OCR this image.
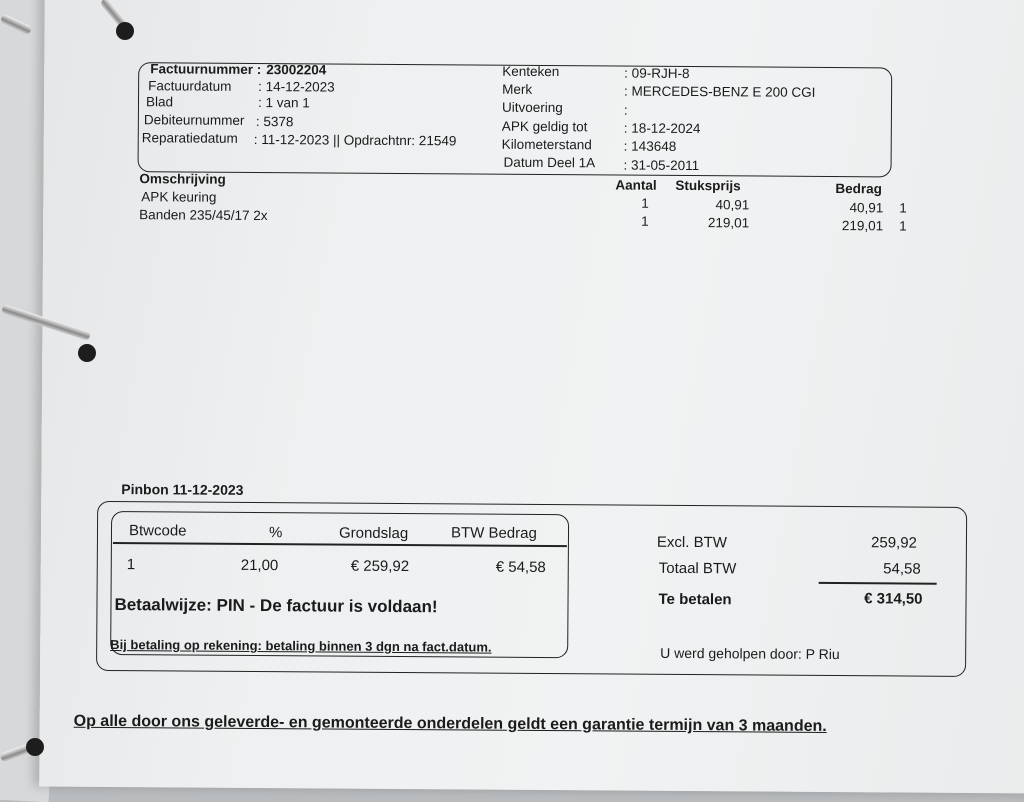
Factuurnummer : 23002204
Factuurdatum : 14-12-2023
Blad	: 1 van 1
Debiteurnummer : 5378
Reparatiedatum : 11-12-2023 || Opdrachtnr: 21549
Kenteken	: 09-RJH-8
Merk	: MERCEDES-BENZ E 200 CGI
Uitvoering	:
APK geldig tot	: 18-12-2024
Kilometerstand : 143648
Datum Deel 1A : 31-05-2011
Omschrijving	Aantal Stuksprijs	Bedrag
APK keuring	1	40,91	40,91 1
Banden 235/45/17 2x	1	219,01	219,01 1
Pinbon 11-12-2023
Btwcode	%	Grondslag	BTW Bedrag
1	21,00	€ 259,92	€ 54,58
Betaalwijze: PIN - De factuur is voldaan!
Bij betaling op rekening: betaling binnen 3 dgn na fact.datum.
Excl. BTW	259,92
Totaal BTW	54,58
Te betalen	€ 314,50
U werd geholpen door: P Riu
Op alle door ons geleverde- en gemonteerde onderdelen geldt een garantie termijn van 3 maanden.
